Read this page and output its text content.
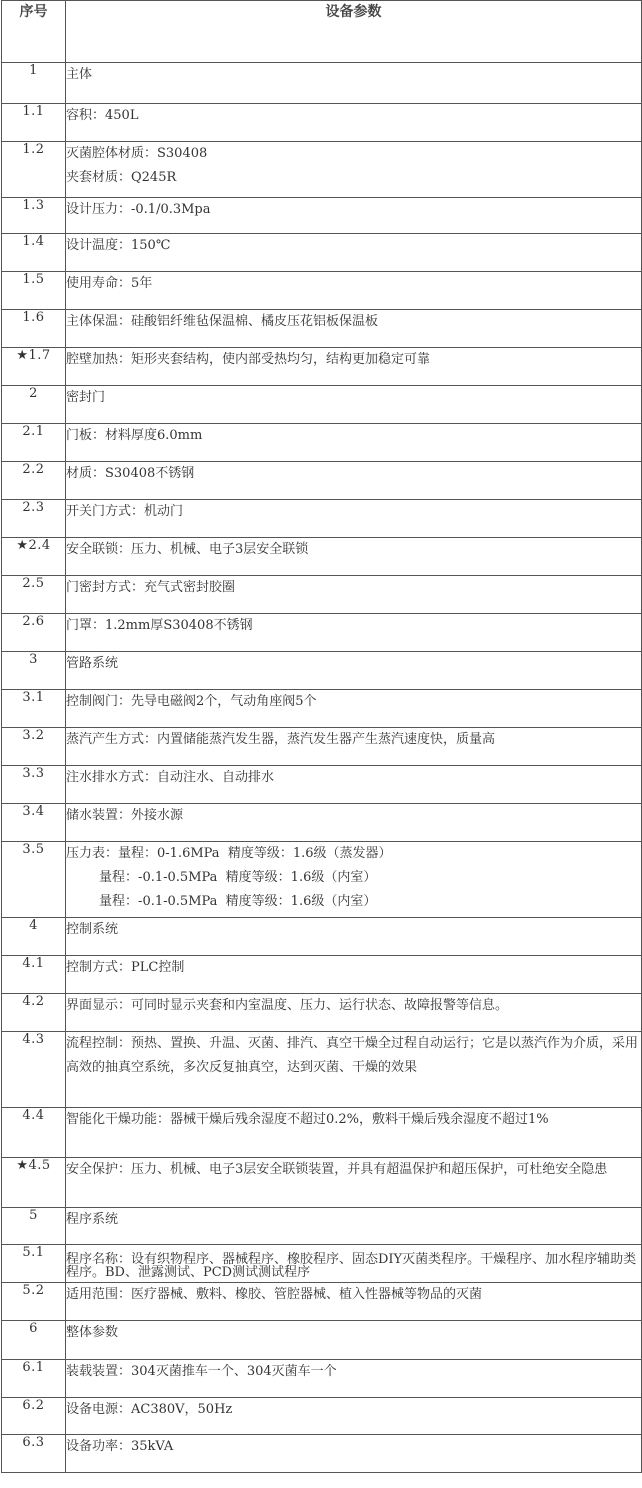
序号	设备参数
1	主体

1.1	容积：450L

1.2	灭菌腔体材质：S30408
夹套材质：Q245R

1.3	设计压力：-0.1/0.3Mpa

1.4	设计温度：150℃

1.5	使用寿命：5年

1.6	主体保温：硅酸铝纤维毡保温棉、橘皮压花铝板保温板

★1.7	腔壁加热：矩形夹套结构，使内部受热均匀，结构更加稳定可靠

2	密封门

2.1	门板：材料厚度6.0mm

2.2	材质：S30408不锈钢

2.3	开关门方式：机动门

★2.4	安全联锁：压力、机械、电子3层安全联锁

2.5	门密封方式：充气式密封胶圈

2.6	门罩：1.2mm厚S30408不锈钢

3	管路系统

3.1	控制阀门：先导电磁阀2个，气动角座阀5个

3.2	蒸汽产生方式：内置储能蒸汽发生器，蒸汽发生器产生蒸汽速度快，质量高

3.3	注水排水方式：自动注水、自动排水

3.4	储水装置：外接水源

3.5	压力表：量程：0-1.6MPa  精度等级：1.6级（蒸发器）
量程：-0.1-0.5MPa  精度等级：1.6级（内室）
量程：-0.1-0.5MPa  精度等级：1.6级（内室）

4	控制系统

4.1	控制方式：PLC控制

4.2	界面显示：可同时显示夹套和内室温度、压力、运行状态、故障报警等信息。

4.3	流程控制：预热、置换、升温、灭菌、排汽、真空干燥全过程自动运行；它是以蒸汽作为介质，采用高效的抽真空系统，多次反复抽真空，达到灭菌、干燥的效果

4.4	智能化干燥功能：器械干燥后残余湿度不超过0.2%，敷料干燥后残余湿度不超过1%

★4.5	安全保护：压力、机械、电子3层安全联锁装置，并具有超温保护和超压保护，可杜绝安全隐患

5	程序系统

5.1	程序名称：设有织物程序、器械程序、橡胶程序、固态DIY灭菌类程序。干燥程序、加水程序辅助类程序。BD、泄露测试、PCD测试测试程序

5.2	适用范围：医疗器械、敷料、橡胶、管腔器械、植入性器械等物品的灭菌

6	整体参数

6.1	装载装置：304灭菌推车一个、304灭菌车一个

6.2	设备电源：AC380V，50Hz

6.3	设备功率：35kVA
